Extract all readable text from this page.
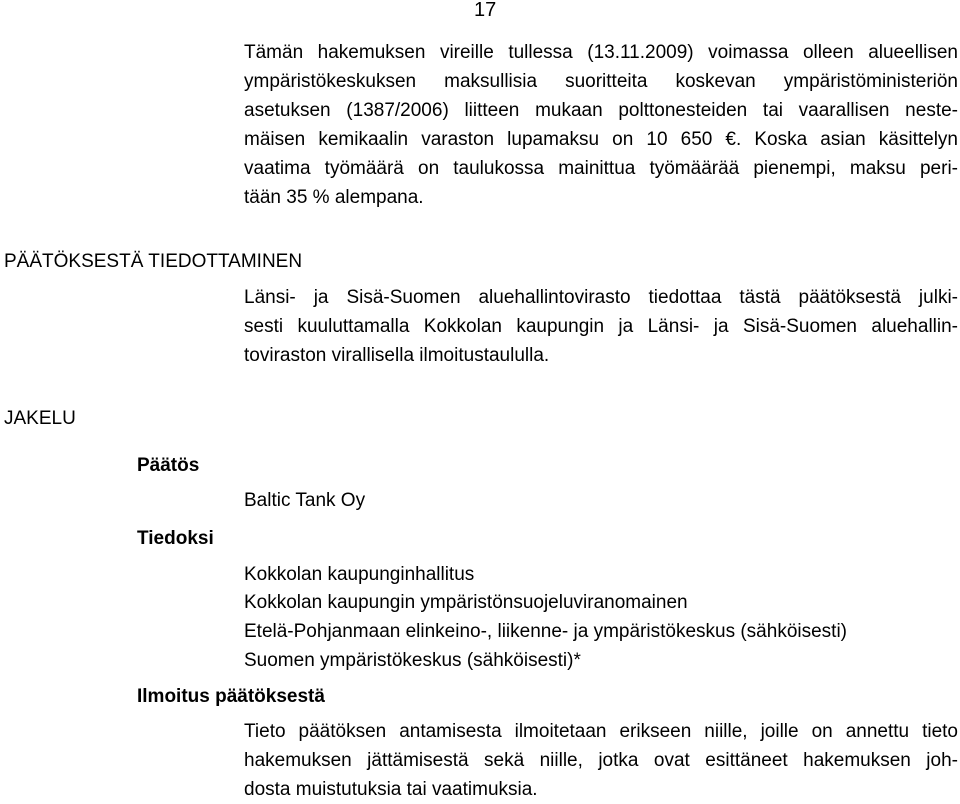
17
Tämän hakemuksen vireille tullessa (13.11.2009) voimassa olleen alueellisen
ympäristökeskuksen maksullisia suoritteita koskevan ympäristöministeriön
asetuksen (1387/2006) liitteen mukaan polttonesteiden tai vaarallisen neste-
mäisen kemikaalin varaston lupamaksu on 10 650 €. Koska asian käsittelyn
vaatima työmäärä on taulukossa mainittua työmäärää pienempi, maksu peri-
tään 35 % alempana.
PÄÄTÖKSESTÄ TIEDOTTAMINEN
Länsi- ja Sisä-Suomen aluehallintovirasto tiedottaa tästä päätöksestä julki-
sesti kuuluttamalla Kokkolan kaupungin ja Länsi- ja Sisä-Suomen aluehallin-
toviraston virallisella ilmoitustaululla.
JAKELU
Päätös
Baltic Tank Oy
Tiedoksi
Kokkolan kaupunginhallitus
Kokkolan kaupungin ympäristönsuojeluviranomainen
Etelä-Pohjanmaan elinkeino-, liikenne- ja ympäristökeskus (sähköisesti)
Suomen ympäristökeskus (sähköisesti)*
Ilmoitus päätöksestä
Tieto päätöksen antamisesta ilmoitetaan erikseen niille, joille on annettu tieto
hakemuksen jättämisestä sekä niille, jotka ovat esittäneet hakemuksen joh-
dosta muistutuksia tai vaatimuksia.
